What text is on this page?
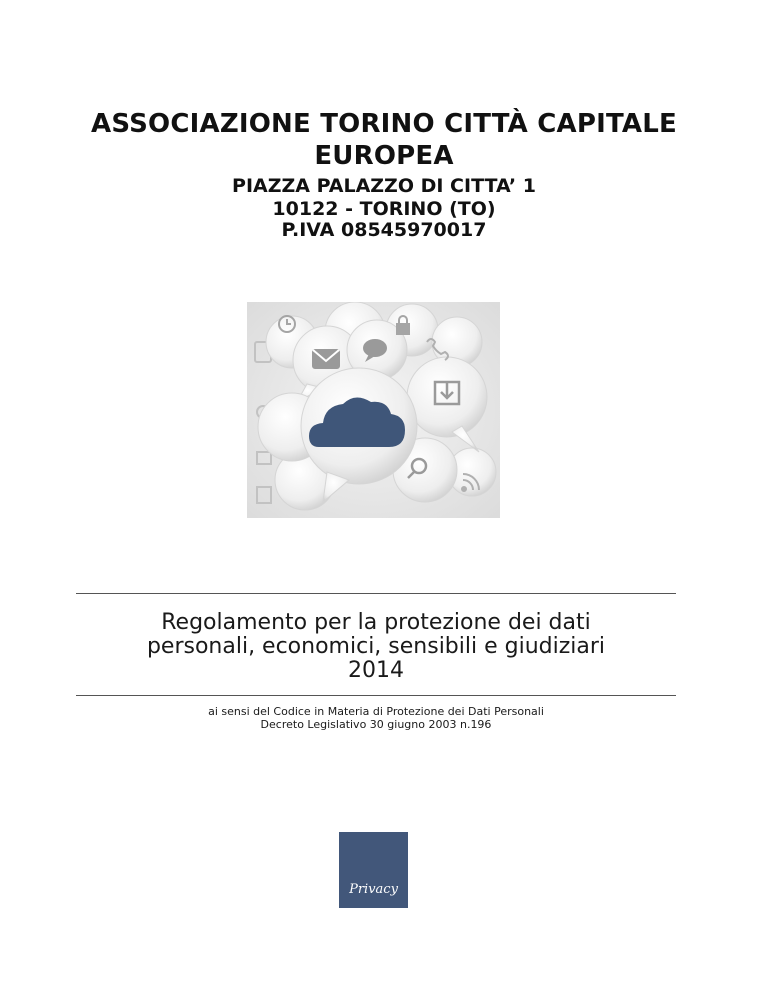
ASSOCIAZIONE TORINO CITTÀ CAPITALE
EUROPEA
PIAZZA PALAZZO DI CITTA’ 1
10122 - TORINO (TO)
P.IVA 08545970017
Regolamento per la protezione dei dati
personali, economici, sensibili e giudiziari
2014
ai sensi del Codice in Materia di Protezione dei Dati Personali
Decreto Legislativo 30 giugno 2003 n.196
Privacy
